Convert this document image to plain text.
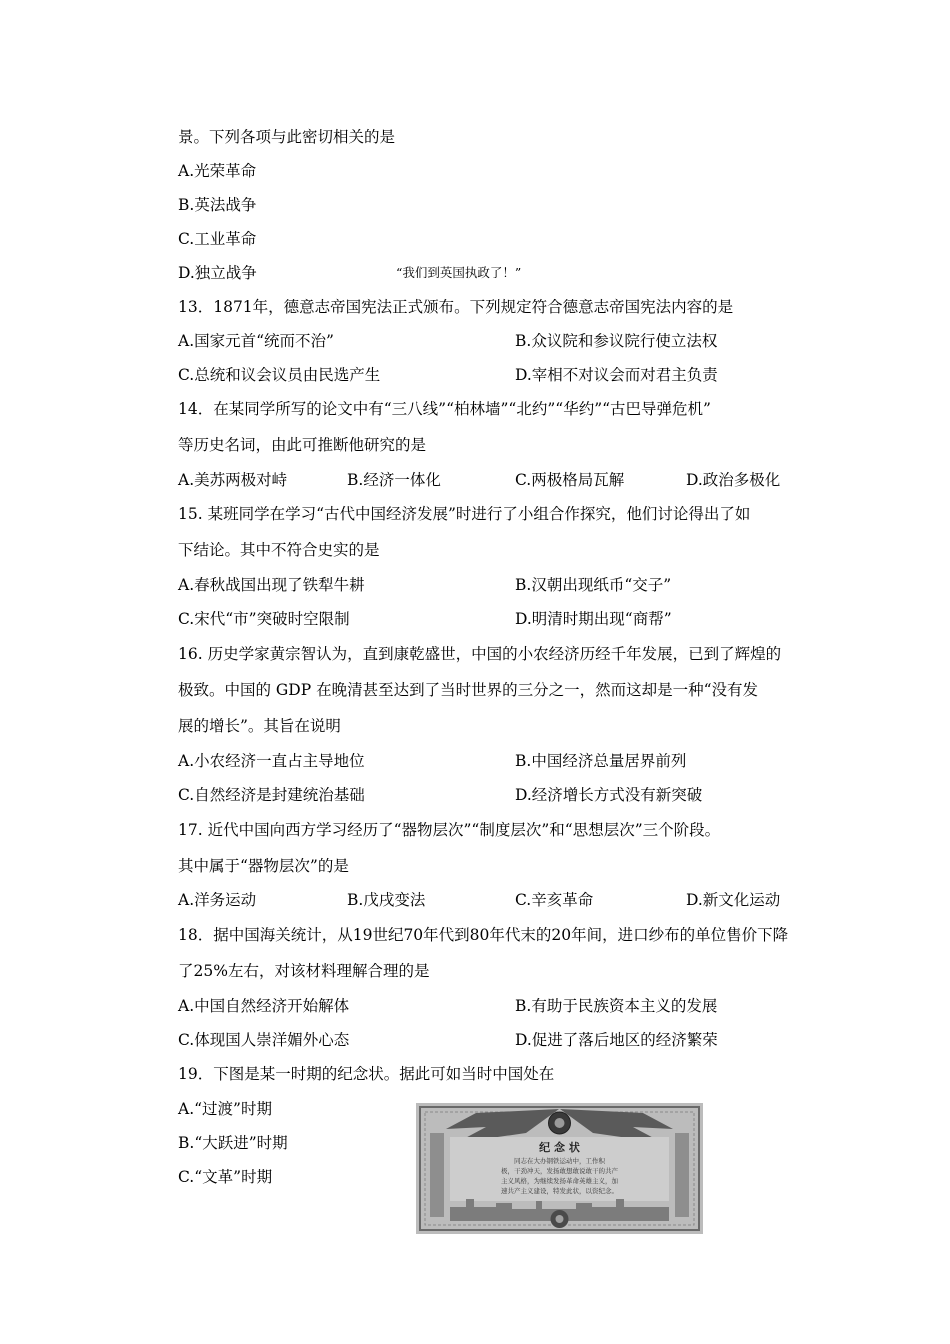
景。下列各项与此密切相关的是
A.光荣革命
B.英法战争
C.工业革命
D.独立战争	“我们到英国执政了！”
13．1871年，德意志帝国宪法正式颁布。下列规定符合德意志帝国宪法内容的是
A.国家元首“统而不治”	B.众议院和参议院行使立法权
C.总统和议会议员由民选产生	D.宰相不对议会而对君主负责
14．在某同学所写的论文中有“三八线”“柏林墙”“北约”“华约”“古巴导弹危机”
等历史名词，由此可推断他研究的是
A.美苏两极对峙	B.经济一体化	C.两极格局瓦解	D.政治多极化
15. 某班同学在学习“古代中国经济发展”时进行了小组合作探究，他们讨论得出了如
下结论。其中不符合史实的是
A.春秋战国出现了铁犁牛耕	B.汉朝出现纸币“交子”
C.宋代“市”突破时空限制	D.明清时期出现“商帮”
16. 历史学家黄宗智认为，直到康乾盛世，中国的小农经济历经千年发展，已到了辉煌的
极致。中国的 GDP 在晚清甚至达到了当时世界的三分之一，然而这却是一种“没有发
展的增长”。其旨在说明
A.小农经济一直占主导地位	B.中国经济总量居界前列
C.自然经济是封建统治基础	D.经济增长方式没有新突破
17. 近代中国向西方学习经历了“器物层次”“制度层次”和“思想层次”三个阶段。
其中属于“器物层次”的是
A.洋务运动	B.戊戌变法	C.辛亥革命	D.新文化运动
18．据中国海关统计，从19世纪70年代到80年代末的20年间，进口纱布的单位售价下降
了25%左右，对该材料理解合理的是
A.中国自然经济开始解体	B.有助于民族资本主义的发展
C.体现国人崇洋媚外心态	D.促进了落后地区的经济繁荣
19．下图是某一时期的纪念状。据此可如当时中国处在
A.“过渡”时期
B.“大跃进”时期
C.“文革”时期
纪 念 状
同志在大办钢铁运动中，工作积
极，干劲冲天，发扬敢想敢说敢干的共产
主义风格，为继续发扬革命英雄主义，加
速共产主义建设，特发此状，以资纪念。
